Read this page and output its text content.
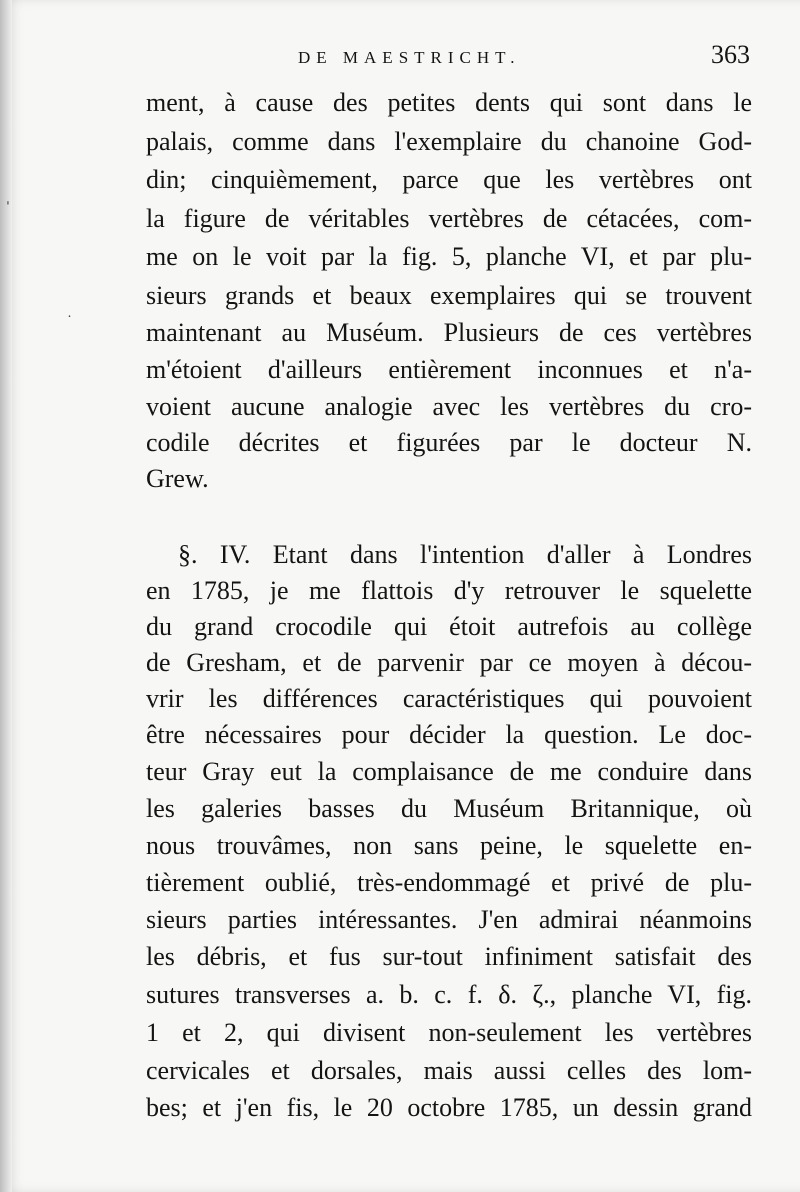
DE MAESTRICHT.	363
ˈ
˙
ment, à cause des petites dents qui sont dans le
palais, comme dans l'exemplaire du chanoine God-
din; cinquièmement, parce que les vertèbres ont
la figure de véritables vertèbres de cétacées, com-
me on le voit par la fig. 5, planche VI, et par plu-
sieurs grands et beaux exemplaires qui se trouvent
maintenant au Muséum. Plusieurs de ces vertèbres
m'étoient d'ailleurs entièrement inconnues et n'a-
voient aucune analogie avec les vertèbres du cro-
codile décrites et figurées par le docteur N.
Grew.
§. IV. Etant dans l'intention d'aller à Londres
en 1785, je me flattois d'y retrouver le squelette
du grand crocodile qui étoit autrefois au collège
de Gresham, et de parvenir par ce moyen à décou-
vrir les différences caractéristiques qui pouvoient
être nécessaires pour décider la question. Le doc-
teur Gray eut la complaisance de me conduire dans
les galeries basses du Muséum Britannique, où
nous trouvâmes, non sans peine, le squelette en-
tièrement oublié, très-endommagé et privé de plu-
sieurs parties intéressantes. J'en admirai néanmoins
les débris, et fus sur-tout infiniment satisfait des
sutures transverses a. b. c. f. δ. ζ., planche VI, fig.
1 et 2, qui divisent non-seulement les vertèbres
cervicales et dorsales, mais aussi celles des lom-
bes; et j'en fis, le 20 octobre 1785, un dessin grand
